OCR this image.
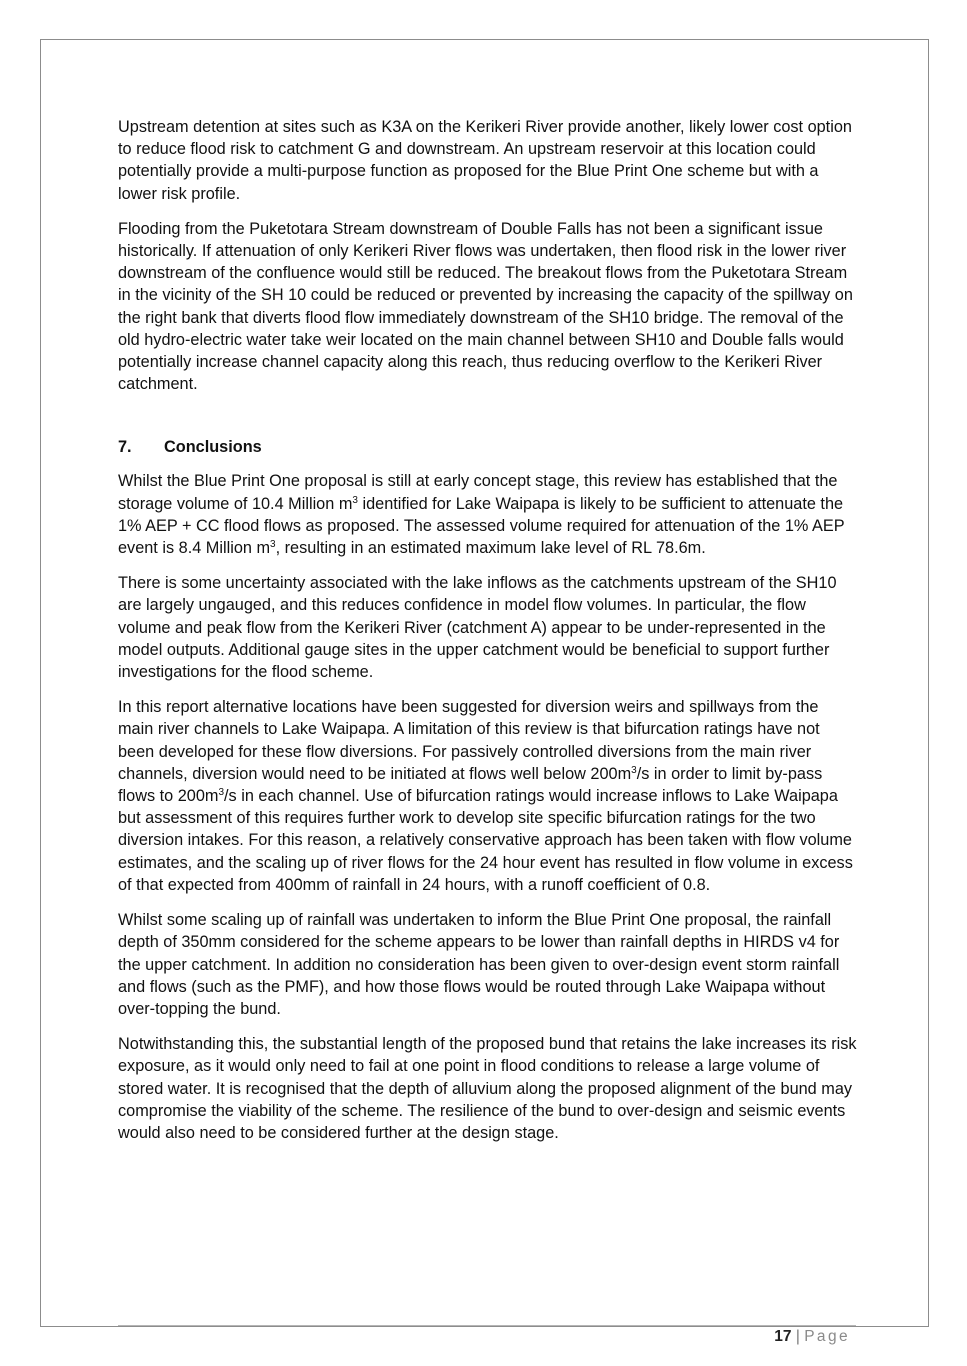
Upstream detention at sites such as K3A on the Kerikeri River provide another, likely lower cost option to reduce flood risk to catchment G and downstream. An upstream reservoir at this location could potentially provide a multi-purpose function as proposed for the Blue Print One scheme but with a lower risk profile.

Flooding from the Puketotara Stream downstream of Double Falls has not been a significant issue historically. If attenuation of only Kerikeri River flows was undertaken, then flood risk in the lower river downstream of the confluence would still be reduced. The breakout flows from the Puketotara Stream in the vicinity of the SH 10 could be reduced or prevented by increasing the capacity of the spillway on the right bank that diverts flood flow immediately downstream of the SH10 bridge. The removal of the old hydro-electric water take weir located on the main channel between SH10 and Double falls would potentially increase channel capacity along this reach, thus reducing overflow to the Kerikeri River catchment.

7. Conclusions

Whilst the Blue Print One proposal is still at early concept stage, this review has established that the storage volume of 10.4 Million $m^3$ identified for Lake Waipapa is likely to be sufficient to attenuate the 1% AEP + CC flood flows as proposed. The assessed volume required for attenuation of the 1% AEP event is 8.4 Million $m^3$, resulting in an estimated maximum lake level of RL 78.6m.

There is some uncertainty associated with the lake inflows as the catchments upstream of the SH10 are largely ungauged, and this reduces confidence in model flow volumes. In particular, the flow volume and peak flow from the Kerikeri River (catchment A) appear to be under-represented in the model outputs. Additional gauge sites in the upper catchment would be beneficial to support further investigations for the flood scheme.

In this report alternative locations have been suggested for diversion weirs and spillways from the main river channels to Lake Waipapa. A limitation of this review is that bifurcation ratings have not been developed for these flow diversions. For passively controlled diversions from the main river channels, diversion would need to be initiated at flows well below $200m^3/s$ in order to limit by-pass flows to $200m^3/s$ in each channel. Use of bifurcation ratings would increase inflows to Lake Waipapa but assessment of this requires further work to develop site specific bifurcation ratings for the two diversion intakes. For this reason, a relatively conservative approach has been taken with flow volume estimates, and the scaling up of river flows for the 24 hour event has resulted in flow volume in excess of that expected from 400mm of rainfall in 24 hours, with a runoff coefficient of 0.8.

Whilst some scaling up of rainfall was undertaken to inform the Blue Print One proposal, the rainfall depth of 350mm considered for the scheme appears to be lower than rainfall depths in HIRDS v4 for the upper catchment. In addition no consideration has been given to over-design event storm rainfall and flows (such as the PMF), and how those flows would be routed through Lake Waipapa without over-topping the bund.

Notwithstanding this, the substantial length of the proposed bund that retains the lake increases its risk exposure, as it would only need to fail at one point in flood conditions to release a large volume of stored water. It is recognised that the depth of alluvium along the proposed alignment of the bund may compromise the viability of the scheme. The resilience of the bund to over-design and seismic events would also need to be considered further at the design stage.

17 | Page
